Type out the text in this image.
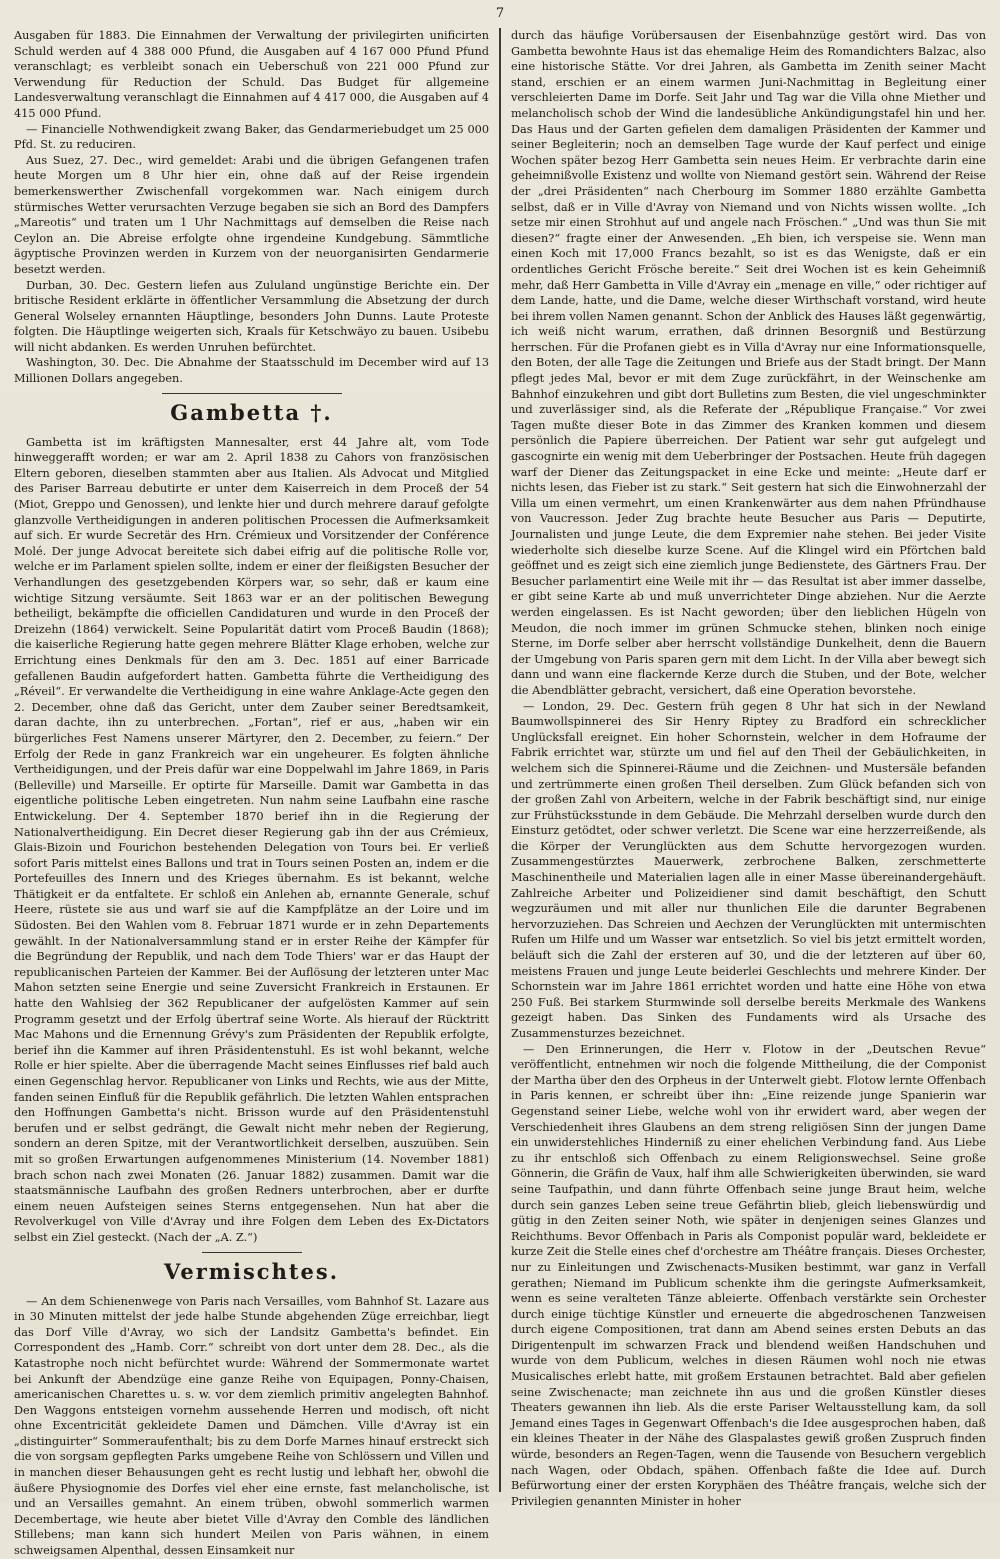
7

Ausgaben für 1883. Die Einnahmen der Verwaltung der privilegirten unificirten Schuld werden auf 4 388 000 Pfund, die Ausgaben auf 4 167 000 Pfund Pfund veranschlagt; es verbleibt sonach ein Ueberschuß von 221 000 Pfund zur Verwendung für Reduction der Schuld. Das Budget für allgemeine Landesverwaltung veranschlagt die Einnahmen auf 4 417 000, die Ausgaben auf 4 415 000 Pfund.

— Financielle Nothwendigkeit zwang Baker, das Gendarmeriebudget um 25 000 Pfd. St. zu reduciren.

Aus Suez, 27. Dec., wird gemeldet: Arabi und die übrigen Gefangenen trafen heute Morgen um 8 Uhr hier ein, ohne daß auf der Reise irgendein bemerkenswerther Zwischenfall vorgekommen war. Nach einigem durch stürmisches Wetter verursachten Verzuge begaben sie sich an Bord des Dampfers „Mareotis“ und traten um 1 Uhr Nachmittags auf demselben die Reise nach Ceylon an. Die Abreise erfolgte ohne irgendeine Kundgebung. Sämmtliche ägyptische Provinzen werden in Kurzem von der neuorganisirten Gendarmerie besetzt werden.

Durban, 30. Dec. Gestern liefen aus Zululand ungünstige Berichte ein. Der britische Resident erklärte in öffentlicher Versammlung die Absetzung der durch General Wolseley ernannten Häuptlinge, besonders John Dunns. Laute Proteste folgten. Die Häuptlinge weigerten sich, Kraals für Ketschwäyo zu bauen. Usibebu will nicht abdanken. Es werden Unruhen befürchtet.

Washington, 30. Dec. Die Abnahme der Staatsschuld im December wird auf 13 Millionen Dollars angegeben.

Gambetta †.

Gambetta ist im kräftigsten Mannesalter, erst 44 Jahre alt, vom Tode hinweggerafft worden; er war am 2. April 1838 zu Cahors von französischen Eltern geboren, dieselben stammten aber aus Italien. Als Advocat und Mitglied des Pariser Barreau debutirte er unter dem Kaiserreich in dem Proceß der 54 (Miot, Greppo und Genossen), und lenkte hier und durch mehrere darauf gefolgte glanzvolle Vertheidigungen in anderen politischen Processen die Aufmerksamkeit auf sich. Er wurde Secretär des Hrn. Crémieux und Vorsitzender der Conférence Molé. Der junge Advocat bereitete sich dabei eifrig auf die politische Rolle vor, welche er im Parlament spielen sollte, indem er einer der fleißigsten Besucher der Verhandlungen des gesetzgebenden Körpers war, so sehr, daß er kaum eine wichtige Sitzung versäumte. Seit 1863 war er an der politischen Bewegung betheiligt, bekämpfte die officiellen Candidaturen und wurde in den Proceß der Dreizehn (1864) verwickelt. Seine Popularität datirt vom Proceß Baudin (1868); die kaiserliche Regierung hatte gegen mehrere Blätter Klage erhoben, welche zur Errichtung eines Denkmals für den am 3. Dec. 1851 auf einer Barricade gefallenen Baudin aufgefordert hatten. Gambetta führte die Vertheidigung des „Réveil“. Er verwandelte die Vertheidigung in eine wahre Anklage-Acte gegen den 2. December, ohne daß das Gericht, unter dem Zauber seiner Beredtsamkeit, daran dachte, ihn zu unterbrechen. „Fortan“, rief er aus, „haben wir ein bürgerliches Fest Namens unserer Märtyrer, den 2. December, zu feiern.“ Der Erfolg der Rede in ganz Frankreich war ein ungeheurer. Es folgten ähnliche Vertheidigungen, und der Preis dafür war eine Doppelwahl im Jahre 1869, in Paris (Belleville) und Marseille. Er optirte für Marseille. Damit war Gambetta in das eigentliche politische Leben eingetreten. Nun nahm seine Laufbahn eine rasche Entwickelung. Der 4. September 1870 berief ihn in die Regierung der Nationalvertheidigung. Ein Decret dieser Regierung gab ihn der aus Crémieux, Glais-Bizoin und Fourichon bestehenden Delegation von Tours bei. Er verließ sofort Paris mittelst eines Ballons und trat in Tours seinen Posten an, indem er die Portefeuilles des Innern und des Krieges übernahm. Es ist bekannt, welche Thätigkeit er da entfaltete. Er schloß ein Anlehen ab, ernannte Generale, schuf Heere, rüstete sie aus und warf sie auf die Kampfplätze an der Loire und im Südosten. Bei den Wahlen vom 8. Februar 1871 wurde er in zehn Departements gewählt. In der Nationalversammlung stand er in erster Reihe der Kämpfer für die Begründung der Republik, und nach dem Tode Thiers' war er das Haupt der republicanischen Parteien der Kammer. Bei der Auflösung der letzteren unter Mac Mahon setzten seine Energie und seine Zuversicht Frankreich in Erstaunen. Er hatte den Wahlsieg der 362 Republicaner der aufgelösten Kammer auf sein Programm gesetzt und der Erfolg übertraf seine Worte. Als hierauf der Rücktritt Mac Mahons und die Ernennung Grévy's zum Präsidenten der Republik erfolgte, berief ihn die Kammer auf ihren Präsidentenstuhl. Es ist wohl bekannt, welche Rolle er hier spielte. Aber die überragende Macht seines Einflusses rief bald auch einen Gegenschlag hervor. Republicaner von Links und Rechts, wie aus der Mitte, fanden seinen Einfluß für die Republik gefährlich. Die letzten Wahlen entsprachen den Hoffnungen Gambetta's nicht. Brisson wurde auf den Präsidentenstuhl berufen und er selbst gedrängt, die Gewalt nicht mehr neben der Regierung, sondern an deren Spitze, mit der Verantwortlichkeit derselben, auszuüben. Sein mit so großen Erwartungen aufgenommenes Ministerium (14. November 1881) brach schon nach zwei Monaten (26. Januar 1882) zusammen. Damit war die staatsmännische Laufbahn des großen Redners unterbrochen, aber er durfte einem neuen Aufsteigen seines Sterns entgegensehen. Nun hat aber die Revolverkugel von Ville d'Avray und ihre Folgen dem Leben des Ex-Dictators selbst ein Ziel gesteckt. (Nach der „A. Z.“)

Vermischtes.

— An dem Schienenwege von Paris nach Versailles, vom Bahnhof St. Lazare aus in 30 Minuten mittelst der jede halbe Stunde abgehenden Züge erreichbar, liegt das Dorf Ville d'Avray, wo sich der Landsitz Gambetta's befindet. Ein Correspondent des „Hamb. Corr.“ schreibt von dort unter dem 28. Dec., als die Katastrophe noch nicht befürchtet wurde: Während der Sommermonate wartet bei Ankunft der Abendzüge eine ganze Reihe von Equipagen, Ponny-Chaisen, americanischen Charettes u. s. w. vor dem ziemlich primitiv angelegten Bahnhof. Den Waggons entsteigen vornehm aussehende Herren und modisch, oft nicht ohne Excentricität gekleidete Damen und Dämchen. Ville d'Avray ist ein „distinguirter“ Sommeraufenthalt; bis zu dem Dorfe Marnes hinauf erstreckt sich die von sorgsam gepflegten Parks umgebene Reihe von Schlössern und Villen und in manchen dieser Behausungen geht es recht lustig und lebhaft her, obwohl die äußere Physiognomie des Dorfes viel eher eine ernste, fast melancholische, ist und an Versailles gemahnt. An einem trüben, obwohl sommerlich warmen Decembertage, wie heute aber bietet Ville d'Avray den Comble des ländlichen Stillebens; man kann sich hundert Meilen von Paris wähnen, in einem schweigsamen Alpenthal, dessen Einsamkeit nur

durch das häufige Vorübersausen der Eisenbahnzüge gestört wird. Das von Gambetta bewohnte Haus ist das ehemalige Heim des Romandichters Balzac, also eine historische Stätte. Vor drei Jahren, als Gambetta im Zenith seiner Macht stand, erschien er an einem warmen Juni-Nachmittag in Begleitung einer verschleierten Dame im Dorfe. Seit Jahr und Tag war die Villa ohne Miether und melancholisch schob der Wind die landesübliche Ankündigungstafel hin und her. Das Haus und der Garten gefielen dem damaligen Präsidenten der Kammer und seiner Begleiterin; noch an demselben Tage wurde der Kauf perfect und einige Wochen später bezog Herr Gambetta sein neues Heim. Er verbrachte darin eine geheimnißvolle Existenz und wollte von Niemand gestört sein. Während der Reise der „drei Präsidenten“ nach Cherbourg im Sommer 1880 erzählte Gambetta selbst, daß er in Ville d'Avray von Niemand und von Nichts wissen wollte. „Ich setze mir einen Strohhut auf und angele nach Fröschen.“ „Und was thun Sie mit diesen?“ fragte einer der Anwesenden. „Eh bien, ich verspeise sie. Wenn man einen Koch mit 17,000 Francs bezahlt, so ist es das Wenigste, daß er ein ordentliches Gericht Frösche bereite.“ Seit drei Wochen ist es kein Geheimniß mehr, daß Herr Gambetta in Ville d'Avray ein „menage en ville,“ oder richtiger auf dem Lande, hatte, und die Dame, welche dieser Wirthschaft vorstand, wird heute bei ihrem vollen Namen genannt. Schon der Anblick des Hauses läßt gegenwärtig, ich weiß nicht warum, errathen, daß drinnen Besorgniß und Bestürzung herrschen. Für die Profanen giebt es in Villa d'Avray nur eine Informationsquelle, den Boten, der alle Tage die Zeitungen und Briefe aus der Stadt bringt. Der Mann pflegt jedes Mal, bevor er mit dem Zuge zurückfährt, in der Weinschenke am Bahnhof einzukehren und gibt dort Bulletins zum Besten, die viel ungeschminkter und zuverlässiger sind, als die Referate der „République Française.“ Vor zwei Tagen mußte dieser Bote in das Zimmer des Kranken kommen und diesem persönlich die Papiere überreichen. Der Patient war sehr gut aufgelegt und gascognirte ein wenig mit dem Ueberbringer der Postsachen. Heute früh dagegen warf der Diener das Zeitungspacket in eine Ecke und meinte: „Heute darf er nichts lesen, das Fieber ist zu stark.“ Seit gestern hat sich die Einwohnerzahl der Villa um einen vermehrt, um einen Krankenwärter aus dem nahen Pfründhause von Vaucresson. Jeder Zug brachte heute Besucher aus Paris — Deputirte, Journalisten und junge Leute, die dem Expremier nahe stehen. Bei jeder Visite wiederholte sich dieselbe kurze Scene. Auf die Klingel wird ein Pförtchen bald geöffnet und es zeigt sich eine ziemlich junge Bedienstete, des Gärtners Frau. Der Besucher parlamentirt eine Weile mit ihr — das Resultat ist aber immer dasselbe, er gibt seine Karte ab und muß unverrichteter Dinge abziehen. Nur die Aerzte werden eingelassen. Es ist Nacht geworden; über den lieblichen Hügeln von Meudon, die noch immer im grünen Schmucke stehen, blinken noch einige Sterne, im Dorfe selber aber herrscht vollständige Dunkelheit, denn die Bauern der Umgebung von Paris sparen gern mit dem Licht. In der Villa aber bewegt sich dann und wann eine flackernde Kerze durch die Stuben, und der Bote, welcher die Abendblätter gebracht, versichert, daß eine Operation bevorstehe.

— London, 29. Dec. Gestern früh gegen 8 Uhr hat sich in der Newland Baumwollspinnerei des Sir Henry Riptey zu Bradford ein schrecklicher Unglücksfall ereignet. Ein hoher Schornstein, welcher in dem Hofraume der Fabrik errichtet war, stürzte um und fiel auf den Theil der Gebäulichkeiten, in welchem sich die Spinnerei-Räume und die Zeichnen- und Mustersäle befanden und zertrümmerte einen großen Theil derselben. Zum Glück befanden sich von der großen Zahl von Arbeitern, welche in der Fabrik beschäftigt sind, nur einige zur Frühstücksstunde in dem Gebäude. Die Mehrzahl derselben wurde durch den Einsturz getödtet, oder schwer verletzt. Die Scene war eine herzzerreißende, als die Körper der Verunglückten aus dem Schutte hervorgezogen wurden. Zusammengestürztes Mauerwerk, zerbrochene Balken, zerschmetterte Maschinentheile und Materialien lagen alle in einer Masse übereinandergehäuft. Zahlreiche Arbeiter und Polizeidiener sind damit beschäftigt, den Schutt wegzuräumen und mit aller nur thunlichen Eile die darunter Begrabenen hervorzuziehen. Das Schreien und Aechzen der Verunglückten mit untermischten Rufen um Hilfe und um Wasser war entsetzlich. So viel bis jetzt ermittelt worden, beläuft sich die Zahl der ersteren auf 30, und die der letzteren auf über 60, meistens Frauen und junge Leute beiderlei Geschlechts und mehrere Kinder. Der Schornstein war im Jahre 1861 errichtet worden und hatte eine Höhe von etwa 250 Fuß. Bei starkem Sturmwinde soll derselbe bereits Merkmale des Wankens gezeigt haben. Das Sinken des Fundaments wird als Ursache des Zusammensturzes bezeichnet.

— Den Erinnerungen, die Herr v. Flotow in der „Deutschen Revue“ veröffentlicht, entnehmen wir noch die folgende Mittheilung, die der Componist der Martha über den des Orpheus in der Unterwelt giebt. Flotow lernte Offenbach in Paris kennen, er schreibt über ihn: „Eine reizende junge Spanierin war Gegenstand seiner Liebe, welche wohl von ihr erwidert ward, aber wegen der Verschiedenheit ihres Glaubens an dem streng religiösen Sinn der jungen Dame ein unwiderstehliches Hinderniß zu einer ehelichen Verbindung fand. Aus Liebe zu ihr entschloß sich Offenbach zu einem Religionswechsel. Seine große Gönnerin, die Gräfin de Vaux, half ihm alle Schwierigkeiten überwinden, sie ward seine Taufpathin, und dann führte Offenbach seine junge Braut heim, welche durch sein ganzes Leben seine treue Gefährtin blieb, gleich liebenswürdig und gütig in den Zeiten seiner Noth, wie später in denjenigen seines Glanzes und Reichthums. Bevor Offenbach in Paris als Componist populär ward, bekleidete er kurze Zeit die Stelle eines chef d'orchestre am Théâtre français. Dieses Orchester, nur zu Einleitungen und Zwischenacts-Musiken bestimmt, war ganz in Verfall gerathen; Niemand im Publicum schenkte ihm die geringste Aufmerksamkeit, wenn es seine veralteten Tänze ableierte. Offenbach verstärkte sein Orchester durch einige tüchtige Künstler und erneuerte die abgedroschenen Tanzweisen durch eigene Compositionen, trat dann am Abend seines ersten Debuts an das Dirigentenpult im schwarzen Frack und blendend weißen Handschuhen und wurde von dem Publicum, welches in diesen Räumen wohl noch nie etwas Musicalisches erlebt hatte, mit großem Erstaunen betrachtet. Bald aber gefielen seine Zwischenacte; man zeichnete ihn aus und die großen Künstler dieses Theaters gewannen ihn lieb. Als die erste Pariser Weltausstellung kam, da soll Jemand eines Tages in Gegenwart Offenbach's die Idee ausgesprochen haben, daß ein kleines Theater in der Nähe des Glaspalastes gewiß großen Zuspruch finden würde, besonders an Regen-Tagen, wenn die Tausende von Besuchern vergeblich nach Wagen, oder Obdach, spähen. Offenbach faßte die Idee auf. Durch Befürwortung einer der ersten Koryphäen des Théâtre français, welche sich der Privilegien genannten Minister in hoher
